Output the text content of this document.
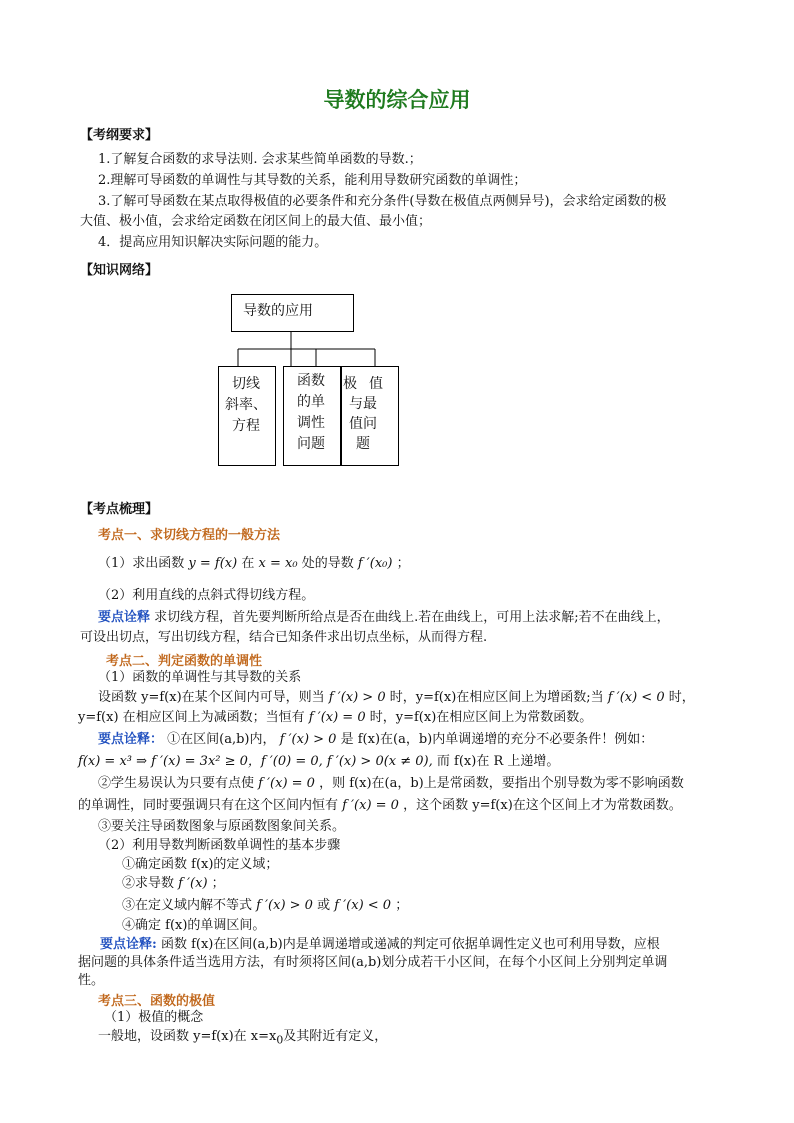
导数的综合应用
【考纲要求】
1.了解复合函数的求导法则. 会求某些简单函数的导数.；
2.理解可导函数的单调性与其导数的关系，能利用导数研究函数的单调性；
3.了解可导函数在某点取得极值的必要条件和充分条件(导数在极值点两侧异号)，会求给定函数的极
大值、极小值，会求给定函数在闭区间上的最大值、最小值；
4．提高应用知识解决实际问题的能力。
【知识网络】
导数的应用
切线
斜率、
方程
函数
的单
调性
问题
极 值
与最
值问
题
【考点梳理】
考点一、求切线方程的一般方法
（1）求出函数 y = f(x) 在 x = x₀ 处的导数 f ′(x₀) ；
（2）利用直线的点斜式得切线方程。
要点诠释 求切线方程，首先要判断所给点是否在曲线上.若在曲线上，可用上法求解;若不在曲线上，
可设出切点，写出切线方程，结合已知条件求出切点坐标，从而得方程.
考点二、判定函数的单调性
（1）函数的单调性与其导数的关系
设函数 y=f(x)在某个区间内可导，则当 f ′(x) > 0 时，y=f(x)在相应区间上为增函数;当 f ′(x) < 0 时，
y=f(x) 在相应区间上为减函数；当恒有 f ′(x) = 0 时，y=f(x)在相应区间上为常数函数。
要点诠释： ①在区间(a,b)内， f ′(x) > 0 是 f(x)在(a，b)内单调递增的充分不必要条件！例如：
f(x) = x³ ⇒ f ′(x) = 3x² ≥ 0，f ′(0) = 0, f ′(x) > 0(x ≠ 0), 而 f(x)在 R 上递增。
②学生易误认为只要有点使 f ′(x) = 0 ，则 f(x)在(a，b)上是常函数，要指出个别导数为零不影响函数
的单调性，同时要强调只有在这个区间内恒有 f ′(x) = 0 ，这个函数 y=f(x)在这个区间上才为常数函数。
③要关注导函数图象与原函数图象间关系。
（2）利用导数判断函数单调性的基本步骤
①确定函数 f(x)的定义域；
②求导数 f ′(x) ；
③在定义域内解不等式 f ′(x) > 0 或 f ′(x) < 0 ；
④确定 f(x)的单调区间。
要点诠释: 函数 f(x)在区间(a,b)内是单调递增或递减的判定可依据单调性定义也可利用导数，应根
据问题的具体条件适当选用方法，有时须将区间(a,b)划分成若干小区间，在每个小区间上分别判定单调
性。
考点三、函数的极值
（1）极值的概念
一般地，设函数 y=f(x)在 $x=x_0$及其附近有定义，
